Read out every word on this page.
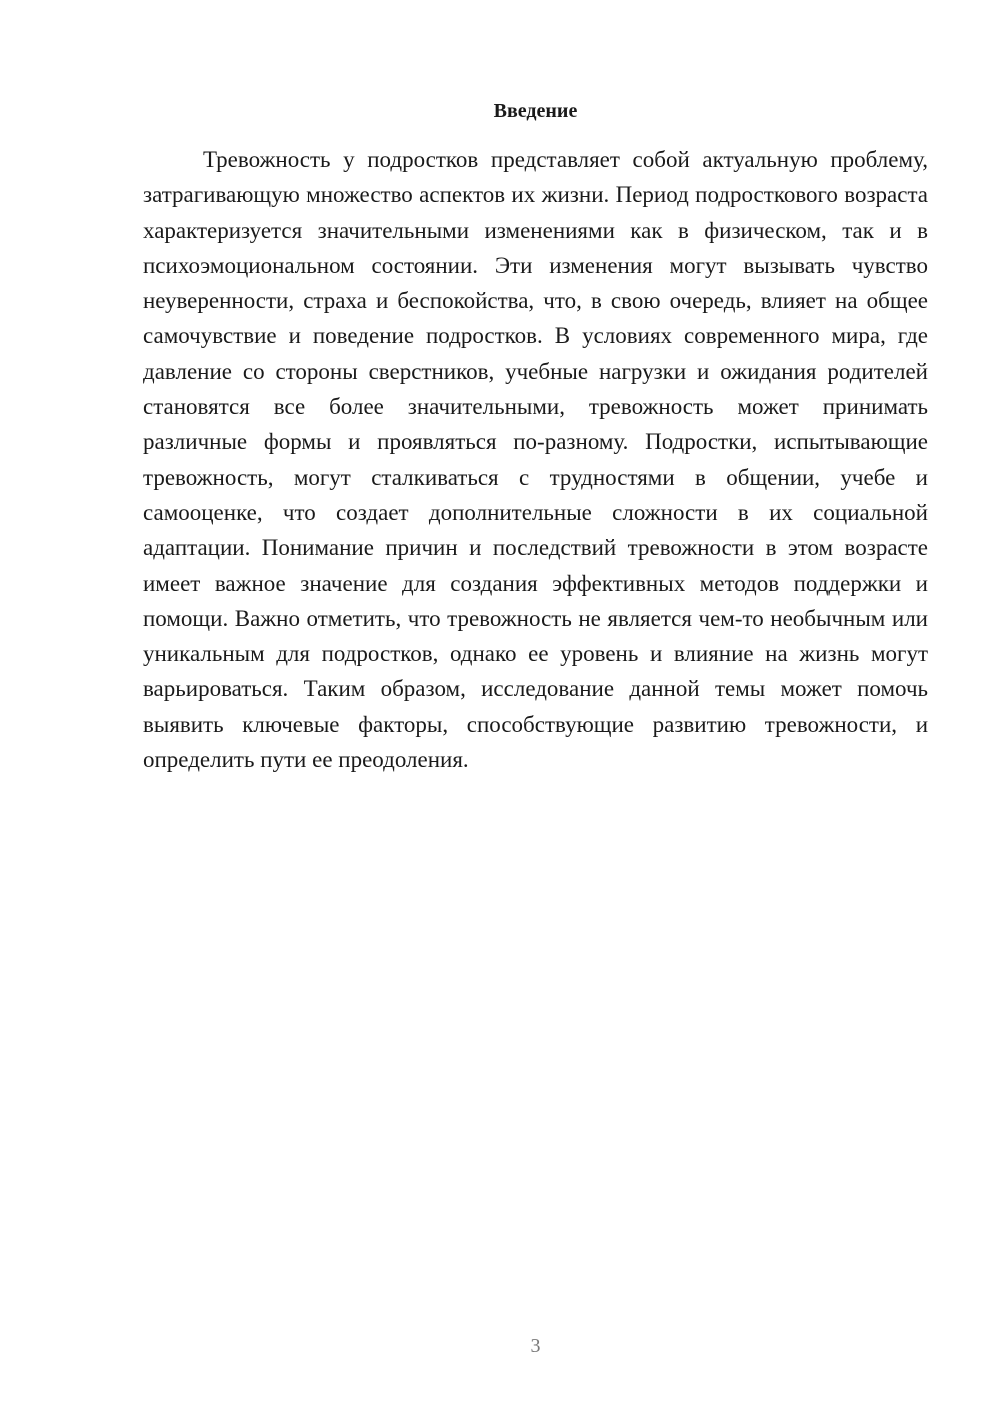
Введение

Тревожность у подростков представляет собой актуальную проблему, затрагивающую множество аспектов их жизни. Период подросткового возраста характеризуется значительными изменениями как в физическом, так и в психоэмоциональном состоянии. Эти изменения могут вызывать чувство неуверенности, страха и беспокойства, что, в свою очередь, влияет на общее самочувствие и поведение подростков. В условиях современного мира, где давление со стороны сверстников, учебные нагрузки и ожидания родителей становятся все более значительными, тревожность может принимать различные формы и проявляться по-разному. Подростки, испытывающие тревожность, могут сталкиваться с трудностями в общении, учебе и самооценке, что создает дополнительные сложности в их социальной адаптации. Понимание причин и последствий тревожности в этом возрасте имеет важное значение для создания эффективных методов поддержки и помощи. Важно отметить, что тревожность не является чем-то необычным или уникальным для подростков, однако ее уровень и влияние на жизнь могут варьироваться. Таким образом, исследование данной темы может помочь выявить ключевые факторы, способствующие развитию тревожности, и определить пути ее преодоления.

3
